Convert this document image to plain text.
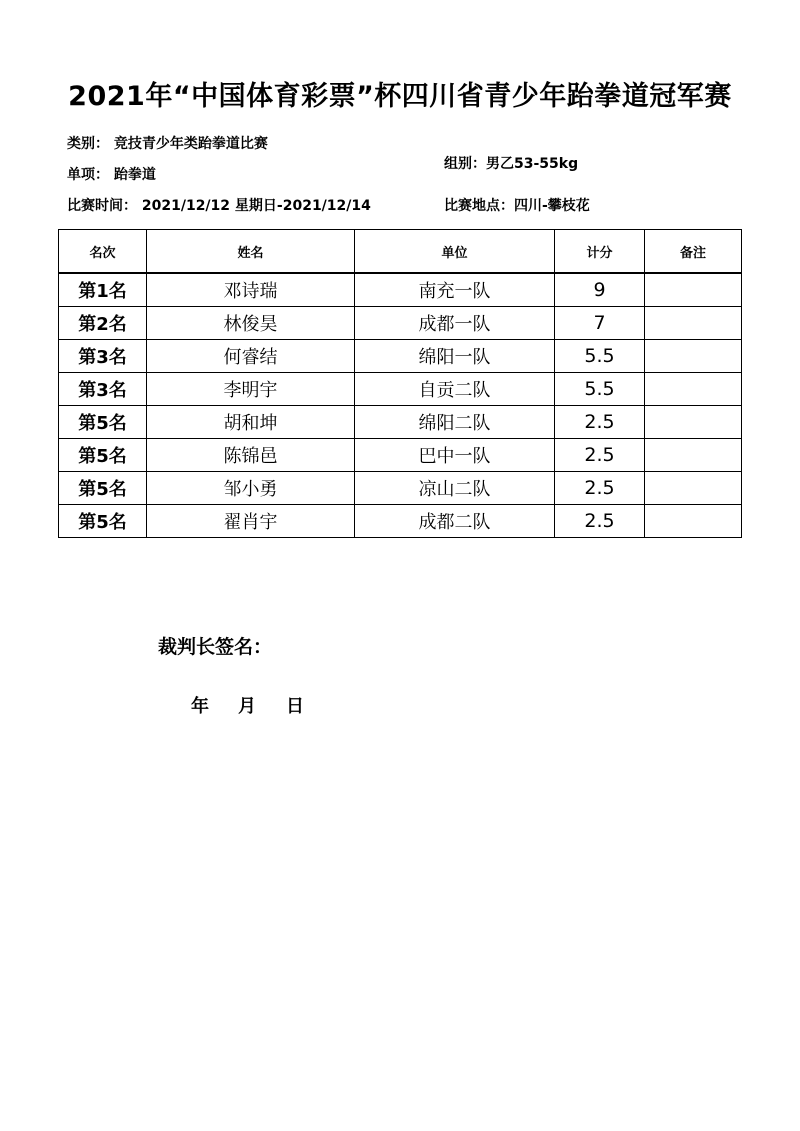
2021年“中国体育彩票”杯四川省青少年跆拳道冠军赛
类别： 竞技青少年类跆拳道比赛
单项： 跆拳道
组别：男乙53-55kg
比赛时间： 2021/12/12 星期日-2021/12/14	比赛地点：四川-攀枝花
名次	姓名	单位	计分	备注
第1名	邓诗瑞	南充一队	9	
第2名	林俊昊	成都一队	7	
第3名	何睿结	绵阳一队	5.5	
第3名	李明宇	自贡二队	5.5	
第5名	胡和坤	绵阳二队	2.5	
第5名	陈锦邑	巴中一队	2.5	
第5名	邹小勇	凉山二队	2.5	
第5名	翟肖宇	成都二队	2.5	
裁判长签名：
年 月 日
